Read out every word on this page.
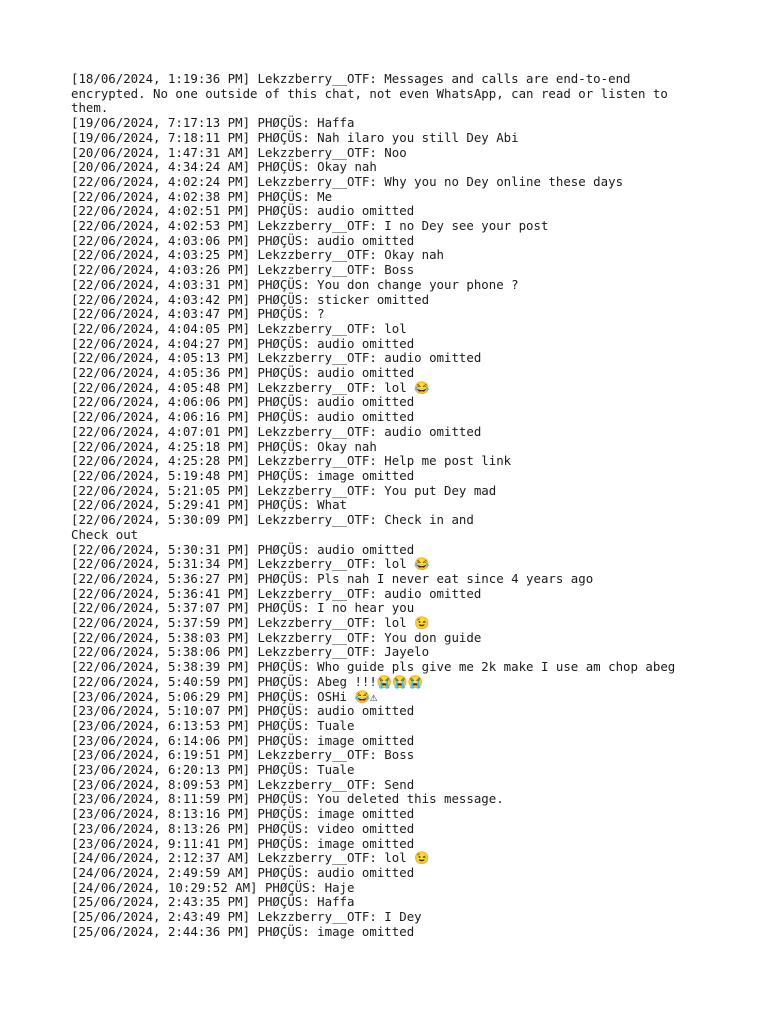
[18/06/2024, 1:19:36 PM] Lekzzberry__OTF: Messages and calls are end-to-end encrypted. No one outside of this chat, not even WhatsApp, can read or listen to them.
[19/06/2024, 7:17:13 PM] PHØÇÜS: Haffa
[19/06/2024, 7:18:11 PM] PHØÇÜS: Nah ilaro you still Dey Abi
[20/06/2024, 1:47:31 AM] Lekzzberry__OTF: Noo
[20/06/2024, 4:34:24 AM] PHØÇÜS: Okay nah
[22/06/2024, 4:02:24 PM] Lekzzberry__OTF: Why you no Dey online these days
[22/06/2024, 4:02:38 PM] PHØÇÜS: Me
[22/06/2024, 4:02:51 PM] PHØÇÜS: audio omitted
[22/06/2024, 4:02:53 PM] Lekzzberry__OTF: I no Dey see your post
[22/06/2024, 4:03:06 PM] PHØÇÜS: audio omitted
[22/06/2024, 4:03:25 PM] Lekzzberry__OTF: Okay nah
[22/06/2024, 4:03:26 PM] Lekzzberry__OTF: Boss
[22/06/2024, 4:03:31 PM] PHØÇÜS: You don change your phone ?
[22/06/2024, 4:03:42 PM] PHØÇÜS: sticker omitted
[22/06/2024, 4:03:47 PM] PHØÇÜS: ?
[22/06/2024, 4:04:05 PM] Lekzzberry__OTF: lol
[22/06/2024, 4:04:27 PM] PHØÇÜS: audio omitted
[22/06/2024, 4:05:13 PM] Lekzzberry__OTF: audio omitted
[22/06/2024, 4:05:36 PM] PHØÇÜS: audio omitted
[22/06/2024, 4:05:48 PM] Lekzzberry__OTF: lol 😂
[22/06/2024, 4:06:06 PM] PHØÇÜS: audio omitted
[22/06/2024, 4:06:16 PM] PHØÇÜS: audio omitted
[22/06/2024, 4:07:01 PM] Lekzzberry__OTF: audio omitted
[22/06/2024, 4:25:18 PM] PHØÇÜS: Okay nah
[22/06/2024, 4:25:28 PM] Lekzzberry__OTF: Help me post link
[22/06/2024, 5:19:48 PM] PHØÇÜS: image omitted
[22/06/2024, 5:21:05 PM] Lekzzberry__OTF: You put Dey mad
[22/06/2024, 5:29:41 PM] PHØÇÜS: What
[22/06/2024, 5:30:09 PM] Lekzzberry__OTF: Check in and
Check out
[22/06/2024, 5:30:31 PM] PHØÇÜS: audio omitted
[22/06/2024, 5:31:34 PM] Lekzzberry__OTF: lol 😂
[22/06/2024, 5:36:27 PM] PHØÇÜS: Pls nah I never eat since 4 years ago
[22/06/2024, 5:36:41 PM] Lekzzberry__OTF: audio omitted
[22/06/2024, 5:37:07 PM] PHØÇÜS: I no hear you
[22/06/2024, 5:37:59 PM] Lekzzberry__OTF: lol 😉
[22/06/2024, 5:38:03 PM] Lekzzberry__OTF: You don guide
[22/06/2024, 5:38:06 PM] Lekzzberry__OTF: Jayelo
[22/06/2024, 5:38:39 PM] PHØÇÜS: Who guide pls give me 2k make I use am chop abeg
[22/06/2024, 5:40:59 PM] PHØÇÜS: Abeg !!!😭😭😭
[23/06/2024, 5:06:29 PM] PHØÇÜS: OSHi 😂⚠
[23/06/2024, 5:10:07 PM] PHØÇÜS: audio omitted
[23/06/2024, 6:13:53 PM] PHØÇÜS: Tuale
[23/06/2024, 6:14:06 PM] PHØÇÜS: image omitted
[23/06/2024, 6:19:51 PM] Lekzzberry__OTF: Boss
[23/06/2024, 6:20:13 PM] PHØÇÜS: Tuale
[23/06/2024, 8:09:53 PM] Lekzzberry__OTF: Send
[23/06/2024, 8:11:59 PM] PHØÇÜS: You deleted this message.
[23/06/2024, 8:13:16 PM] PHØÇÜS: image omitted
[23/06/2024, 8:13:26 PM] PHØÇÜS: video omitted
[23/06/2024, 9:11:41 PM] PHØÇÜS: image omitted
[24/06/2024, 2:12:37 AM] Lekzzberry__OTF: lol 😉
[24/06/2024, 2:49:59 AM] PHØÇÜS: audio omitted
[24/06/2024, 10:29:52 AM] PHØÇÜS: Haje
[25/06/2024, 2:43:35 PM] PHØÇÜS: Haffa
[25/06/2024, 2:43:49 PM] Lekzzberry__OTF: I Dey
[25/06/2024, 2:44:36 PM] PHØÇÜS: image omitted
